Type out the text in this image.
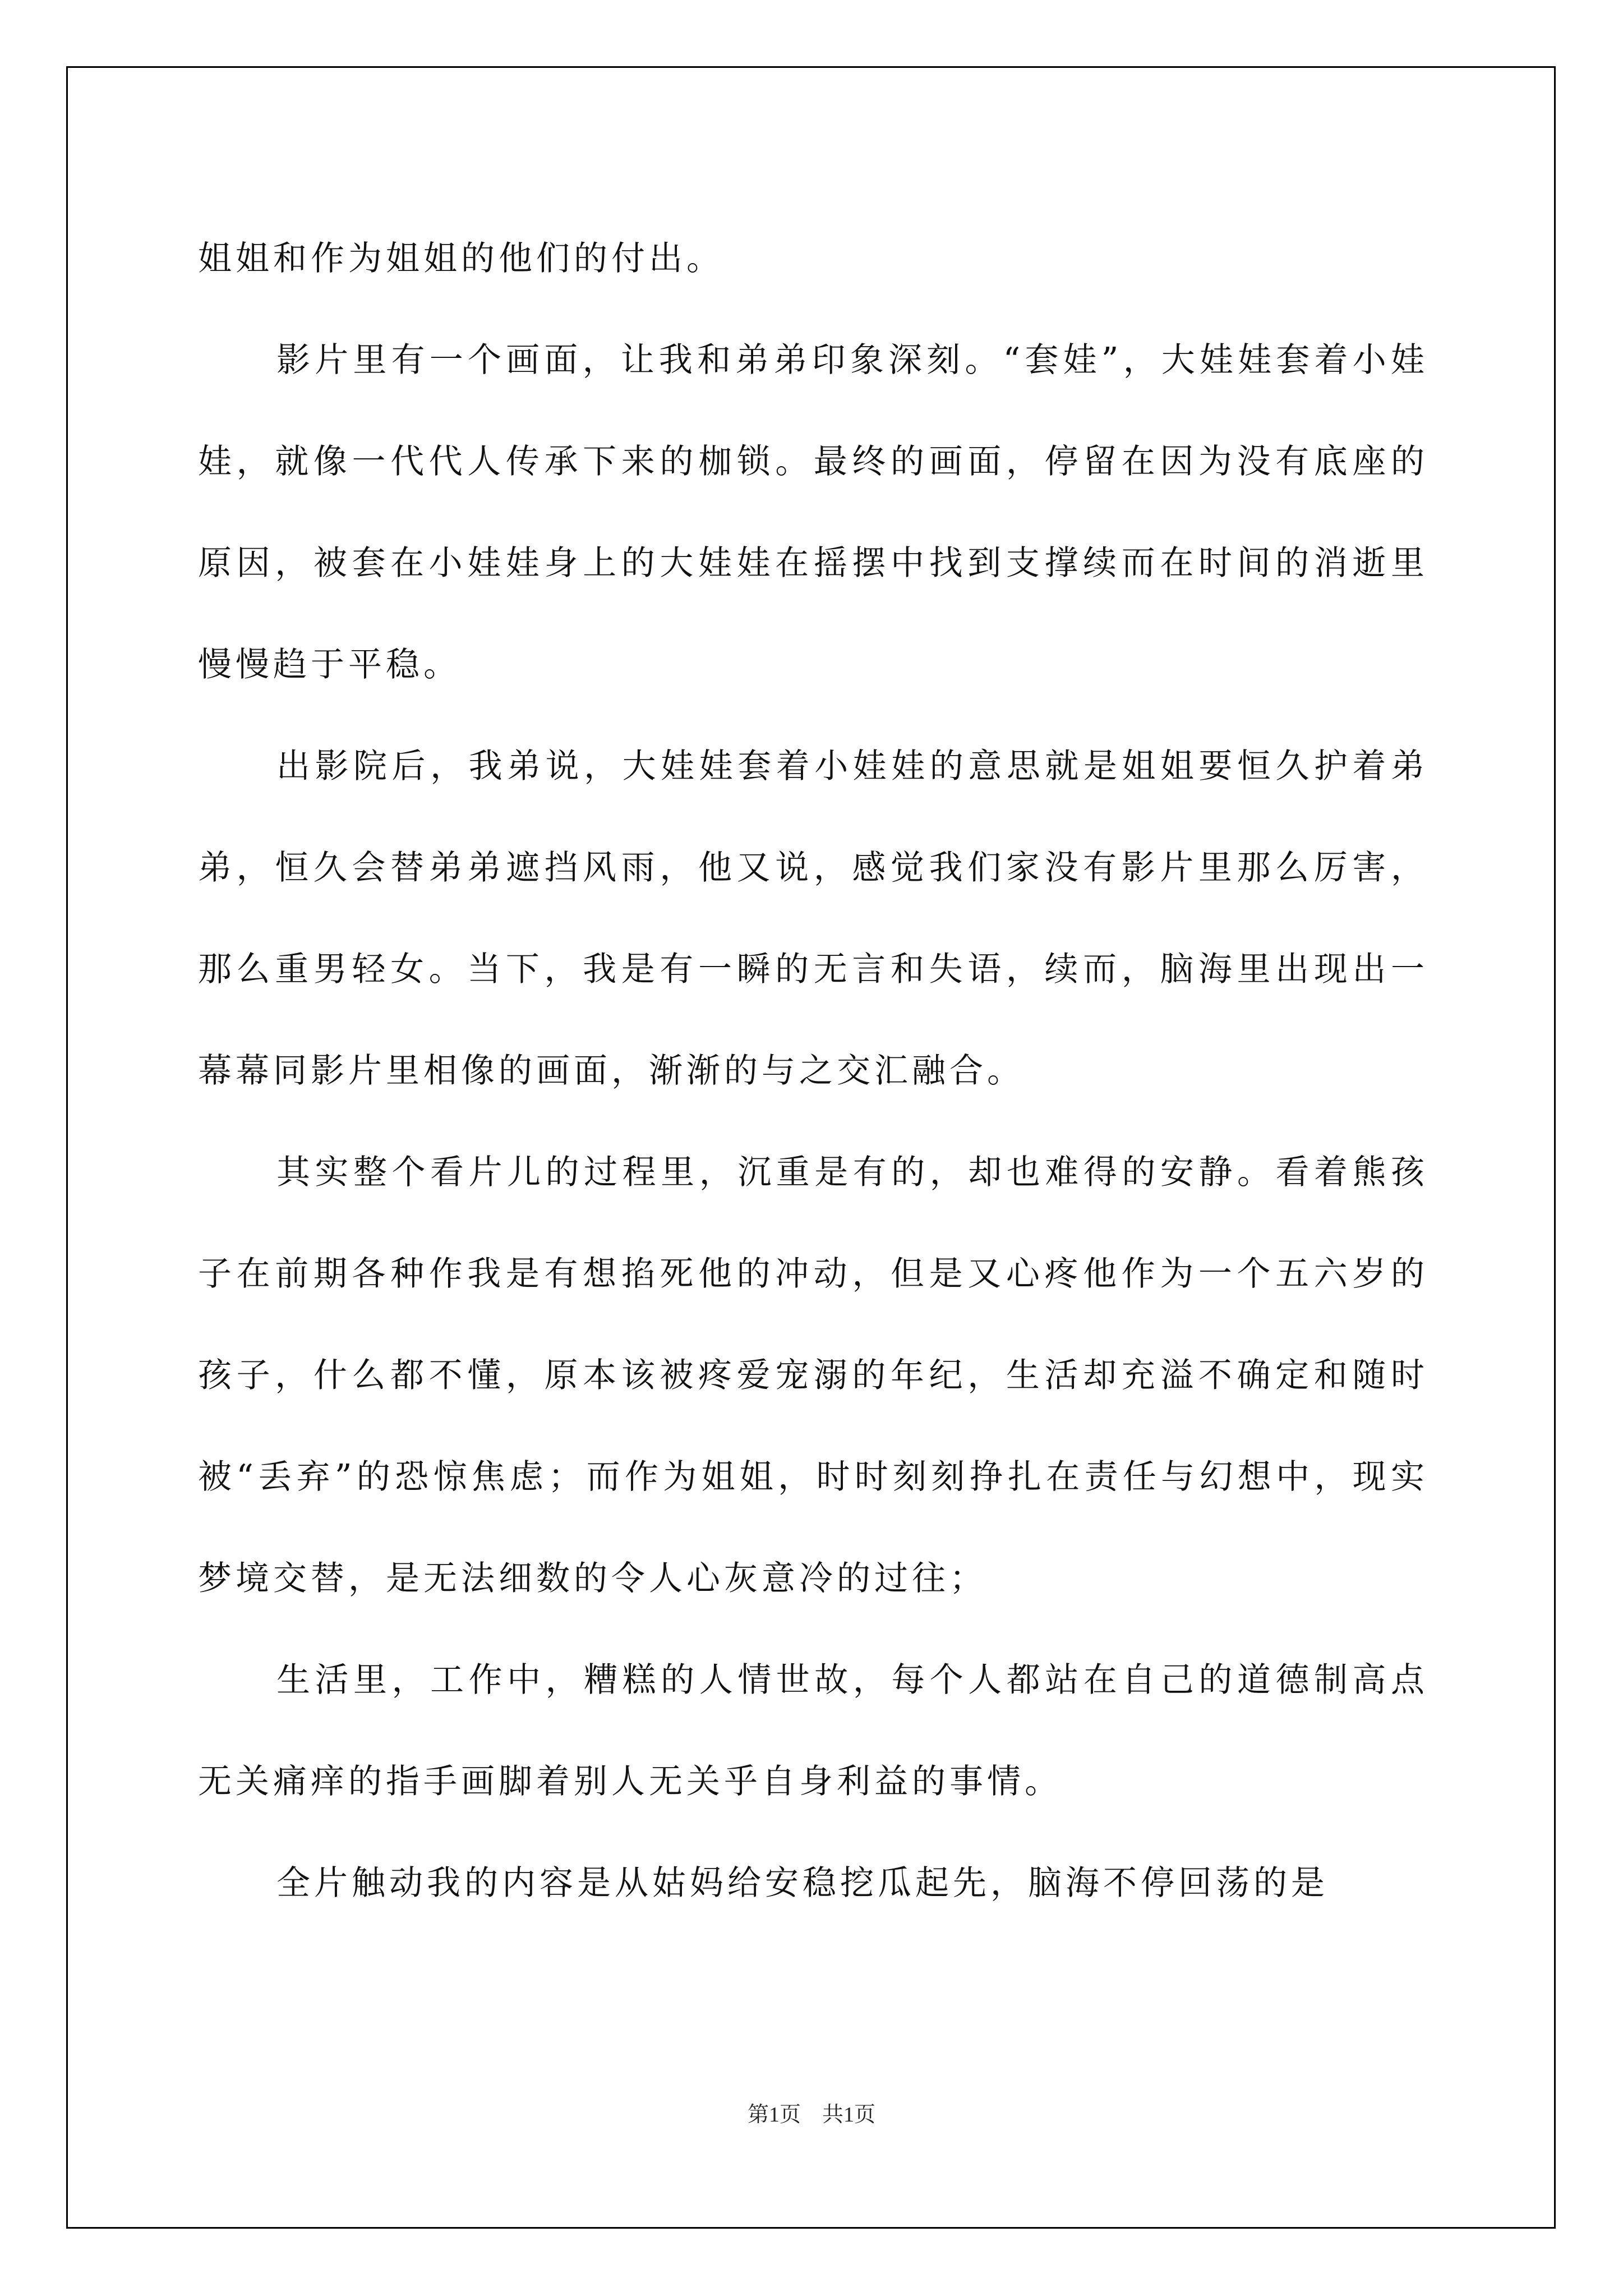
姐姐和作为姐姐的他们的付出。

影片里有一个画面，让我和弟弟印象深刻。“套娃”，大娃娃套着小娃娃，就像一代代人传承下来的枷锁。最终的画面，停留在因为没有底座的原因，被套在小娃娃身上的大娃娃在摇摆中找到支撑续而在时间的消逝里慢慢趋于平稳。

出影院后，我弟说，大娃娃套着小娃娃的意思就是姐姐要恒久护着弟弟，恒久会替弟弟遮挡风雨，他又说，感觉我们家没有影片里那么厉害，那么重男轻女。当下，我是有一瞬的无言和失语，续而，脑海里出现出一幕幕同影片里相像的画面，渐渐的与之交汇融合。

其实整个看片儿的过程里，沉重是有的，却也难得的安静。看着熊孩子在前期各种作我是有想掐死他的冲动，但是又心疼他作为一个五六岁的孩子，什么都不懂，原本该被疼爱宠溺的年纪，生活却充溢不确定和随时被“丢弃”的恐惊焦虑；而作为姐姐，时时刻刻挣扎在责任与幻想中，现实梦境交替，是无法细数的令人心灰意冷的过往；

生活里，工作中，糟糕的人情世故，每个人都站在自己的道德制高点无关痛痒的指手画脚着别人无关乎自身利益的事情。

全片触动我的内容是从姑妈给安稳挖瓜起先，脑海不停回荡的是

第1页    共1页
